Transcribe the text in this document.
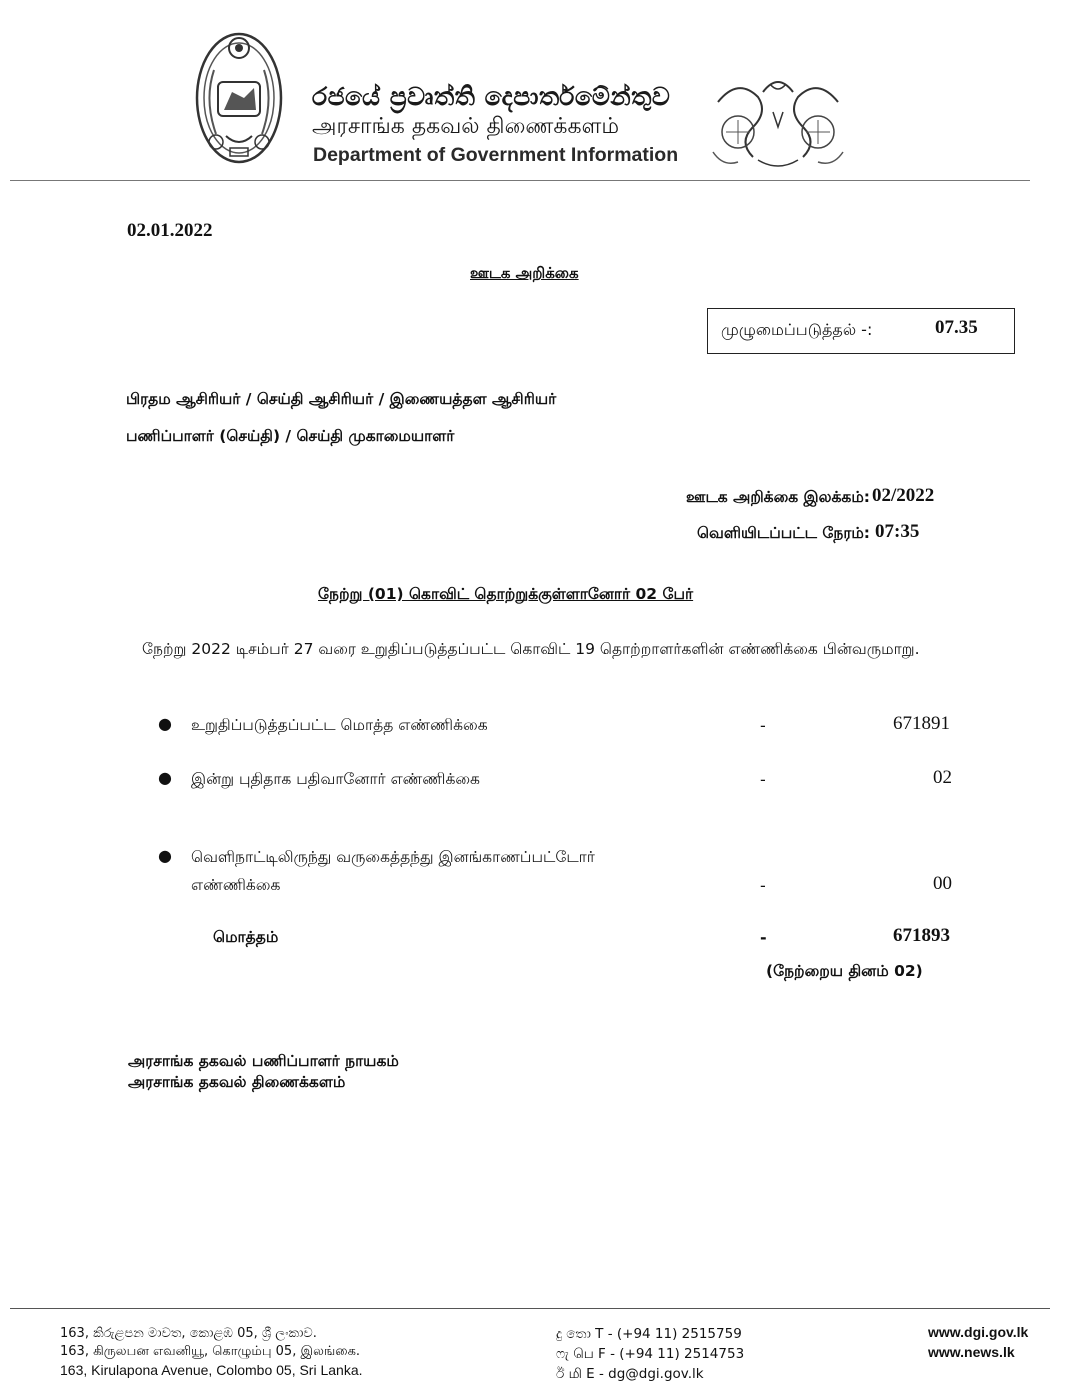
රජයේ ප්‍රවෘත්ති දෙපාර්තමේන්තුව
அரசாங்க தகவல் திணைக்களம்
Department of Government Information
02.01.2022
ஊடக அறிக்கை
முழுமைப்படுத்தல் -:	07.35
பிரதம ஆசிரியர் / செய்தி ஆசிரியர் / இணையத்தள ஆசிரியர்
பணிப்பாளர் (செய்தி) / செய்தி முகாமையாளர்
ஊடக அறிக்கை இலக்கம்: 02/2022
வெளியிடப்பட்ட நேரம்: 07:35
நேற்று (01) கொவிட் தொற்றுக்குள்ளானோர் 02 பேர்
நேற்று 2022 டிசம்பர் 27 வரை உறுதிப்படுத்தப்பட்ட கொவிட் 19 தொற்றாளர்களின் எண்ணிக்கை பின்வருமாறு.
● உறுதிப்படுத்தப்பட்ட மொத்த எண்ணிக்கை	-	671891
● இன்று புதிதாக பதிவானோர் எண்ணிக்கை	-	02
● வெளிநாட்டிலிருந்து வருகைத்தந்து இனங்காணப்பட்டோர்
எண்ணிக்கை	-	00
மொத்தம்	-	671893
(நேற்றைய தினம் 02)
அரசாங்க தகவல் பணிப்பாளர் நாயகம்
அரசாங்க தகவல் திணைக்களம்
163, කිරුළපන මාවත, කොළඹ 05, ශ්‍රී ලංකාව.
163, கிருலபன எவனியூ, கொழும்பு 05, இலங்கை.
163, Kirulapona Avenue, Colombo 05, Sri Lanka.
දු තො T - (+94 11) 2515759
ෆැ பெ F - (+94 11) 2514753
ඊ மி E - dg@dgi.gov.lk
www.dgi.gov.lk
www.news.lk
